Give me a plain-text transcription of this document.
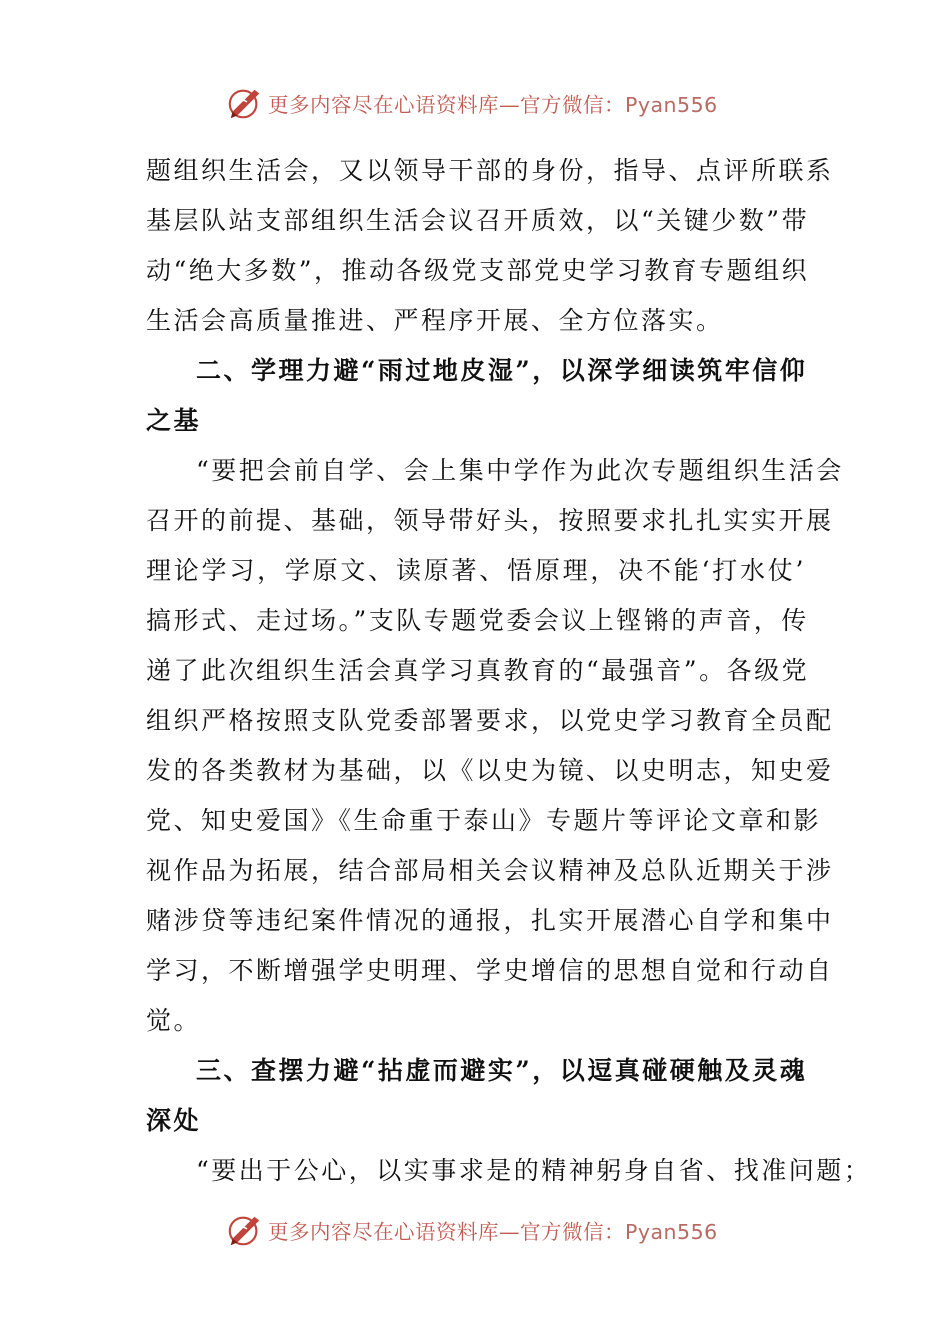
更多内容尽在心语资料库—官方微信：Pyan556
题组织生活会，又以领导干部的身份，指导、点评所联系
基层队站支部组织生活会议召开质效，以“关键少数”带
动“绝大多数”，推动各级党支部党史学习教育专题组织
生活会高质量推进、严程序开展、全方位落实。
二、学理力避“雨过地皮湿”，以深学细读筑牢信仰
之基
“要把会前自学、会上集中学作为此次专题组织生活会
召开的前提、基础，领导带好头，按照要求扎扎实实开展
理论学习，学原文、读原著、悟原理，决不能‘打水仗’
搞形式、走过场。”支队专题党委会议上铿锵的声音，传
递了此次组织生活会真学习真教育的“最强音”。各级党
组织严格按照支队党委部署要求，以党史学习教育全员配
发的各类教材为基础，以《以史为镜、以史明志，知史爱
党、知史爱国》《生命重于泰山》专题片等评论文章和影
视作品为拓展，结合部局相关会议精神及总队近期关于涉
赌涉贷等违纪案件情况的通报，扎实开展潜心自学和集中
学习，不断增强学史明理、学史增信的思想自觉和行动自
觉。
三、查摆力避“拈虚而避实”，以逗真碰硬触及灵魂
深处
“要出于公心，以实事求是的精神躬身自省、找准问题；
更多内容尽在心语资料库—官方微信：Pyan556
